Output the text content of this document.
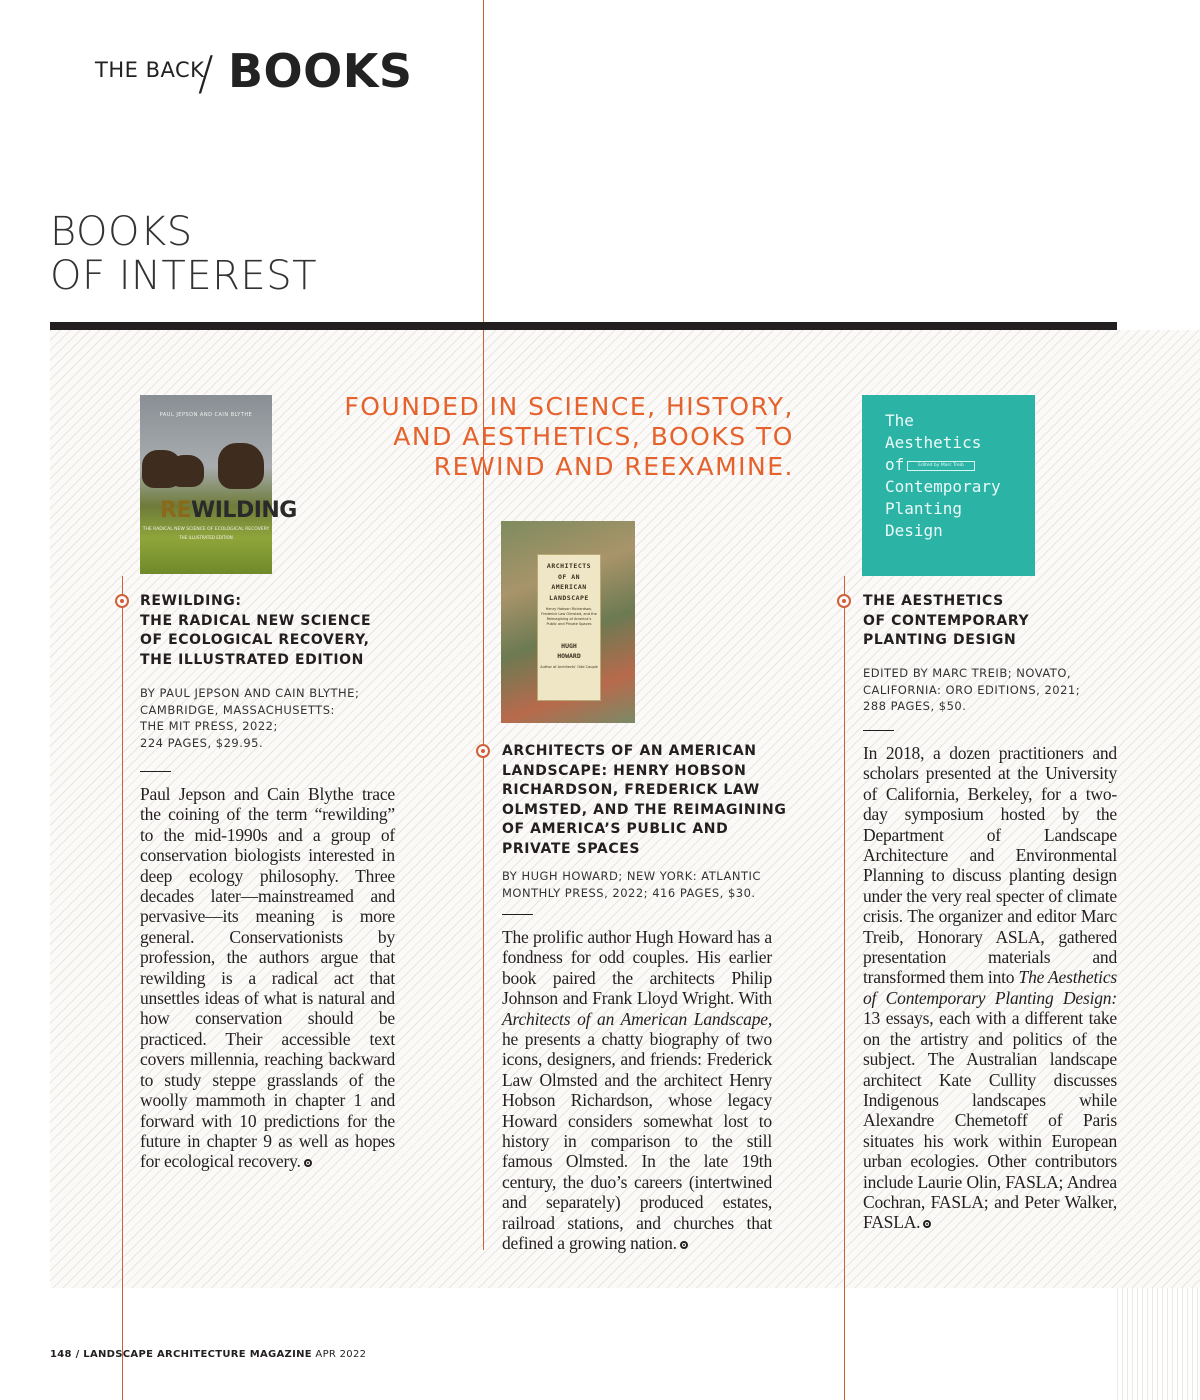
THE BACK
/ BOOKS
BOOKS
OF INTEREST
FOUNDED IN SCIENCE, HISTORY,
AND AESTHETICS, BOOKS TO
REWIND AND REEXAMINE.
PAUL JEPSON AND CAIN BLYTHE
REWILDING
THE RADICAL NEW SCIENCE OF ECOLOGICAL RECOVERY
THE ILLUSTRATED EDITION
REWILDING:
THE RADICAL NEW SCIENCE
OF ECOLOGICAL RECOVERY,
THE ILLUSTRATED EDITION
BY PAUL JEPSON AND CAIN BLYTHE;
CAMBRIDGE, MASSACHUSETTS:
THE MIT PRESS, 2022;
224 PAGES, $29.95.
Paul Jepson and Cain Blythe trace the coining of the term “rewilding” to the mid-1990s and a group of conservation biologists interested in deep ecology philosophy. Three decades later—mainstreamed and pervasive—its meaning is more general. Conservationists by profession, the authors argue that rewilding is a radical act that unsettles ideas of what is natural and how conservation should be practiced. Their accessible text covers millennia, reaching backward to study steppe grasslands of the woolly mammoth in chapter 1 and forward with 10 predictions for the future in chapter 9 as well as hopes for ecological recovery.
ARCHITECTS
OF AN
AMERICAN
LANDSCAPE
Henry Hobson Richardson, Frederick Law Olmsted, and the Reimagining of America’s Public and Private Spaces
HUGH
HOWARD
Author of Architects’ Odd Couple
ARCHITECTS OF AN AMERICAN
LANDSCAPE: HENRY HOBSON
RICHARDSON, FREDERICK LAW
OLMSTED, AND THE REIMAGINING
OF AMERICA’S PUBLIC AND
PRIVATE SPACES
BY HUGH HOWARD; NEW YORK: ATLANTIC
MONTHLY PRESS, 2022; 416 PAGES, $30.
The prolific author Hugh Howard has a fondness for odd couples. His earlier book paired the architects Philip Johnson and Frank Lloyd Wright. With Architects of an American Landscape, he presents a chatty biography of two icons, designers, and friends: Frederick Law Olmsted and the architect Henry Hobson Richardson, whose legacy Howard considers somewhat lost to history in comparison to the still famous Olmsted. In the late 19th century, the duo’s careers (intertwined and separately) produced estates, railroad stations, and churches that defined a growing nation.
The
Aesthetics
of
Contemporary
Planting
Design
Edited by Marc Treib
THE AESTHETICS
OF CONTEMPORARY
PLANTING DESIGN
EDITED BY MARC TREIB; NOVATO,
CALIFORNIA: ORO EDITIONS, 2021;
288 PAGES, $50.
In 2018, a dozen practitioners and scholars presented at the University of California, Berkeley, for a two-day symposium hosted by the Department of Landscape Architecture and Environmental Planning to discuss planting design under the very real specter of climate crisis. The organizer and editor Marc Treib, Honorary ASLA, gathered presentation materials and transformed them into The Aesthetics of Contemporary Planting Design: 13 essays, each with a different take on the artistry and politics of the subject. The Australian landscape architect Kate Cullity discusses Indigenous landscapes while Alexandre Chemetoff of Paris situates his work within European urban ecologies. Other contributors include Laurie Olin, FASLA; Andrea Cochran, FASLA; and Peter Walker, FASLA.
148 / LANDSCAPE ARCHITECTURE MAGAZINE APR 2022
